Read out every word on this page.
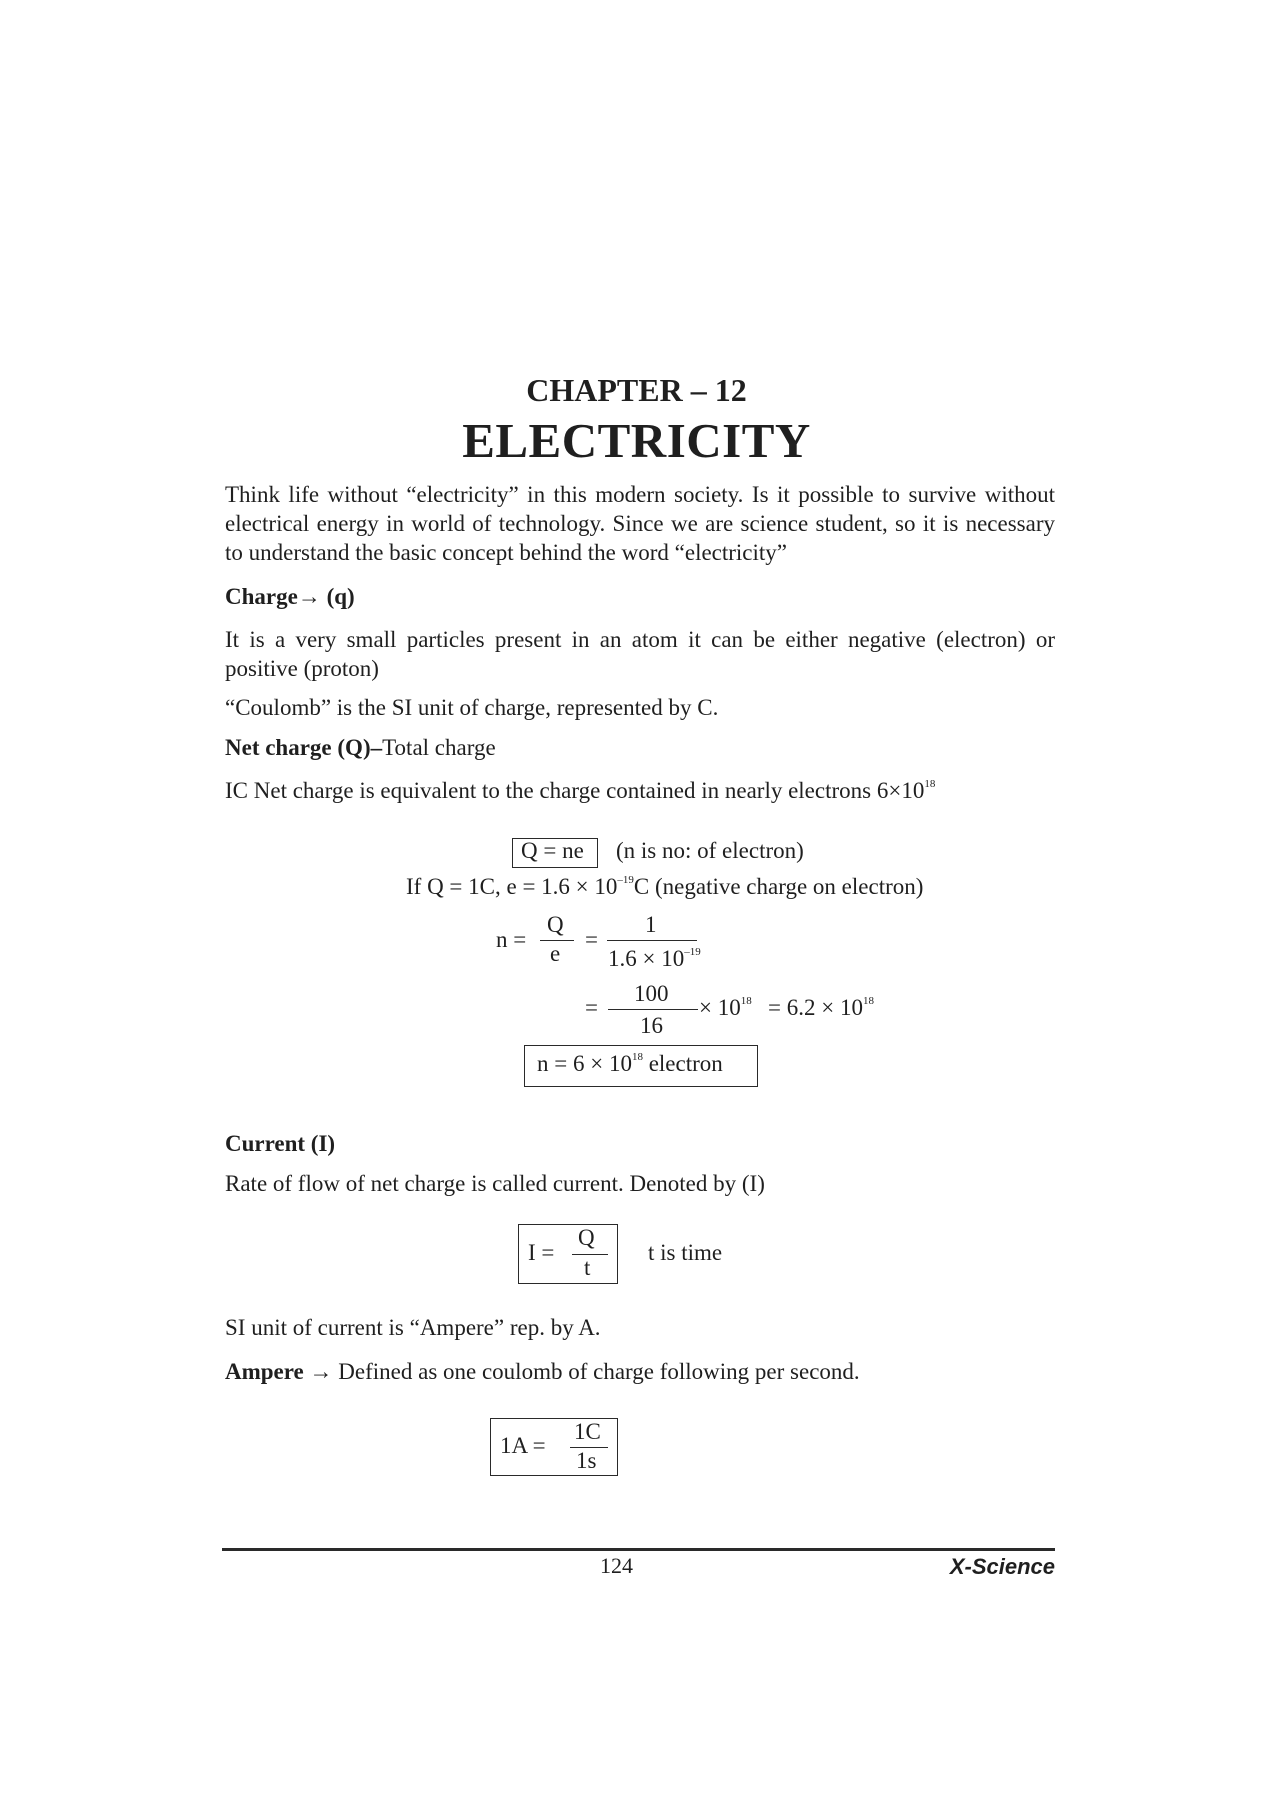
CHAPTER – 12
ELECTRICITY
Think life without “electricity” in this modern society. Is it possible to survive without electrical energy in world of technology. Since we are science student, so it is necessary to understand the basic concept behind the word “electricity”
Charge→ (q)
It is a very small particles present in an atom it can be either negative (electron) or positive (proton)
“Coulomb” is the SI unit of charge, represented by C.
Net charge (Q)–Total charge
IC Net charge is equivalent to the charge contained in nearly electrons $6\times 10^{18}$
Q = ne (n is no: of electron)
If Q = 1C, $e = 1.6 \times 10^{-19}C$ (negative charge on electron)
n =
Q
e
=
1
$1.6 \times 10^{-19}$
=
100
16
× $10^{18} = 6.2 \times 10^{18}$
$n = 6 \times 10^{18}$ electron
Current (I)
Rate of flow of net charge is called current. Denoted by (I)
I =
Q
t
t is time
SI unit of current is “Ampere” rep. by A.
Ampere → Defined as one coulomb of charge following per second.
1A =
1C
1s
124	X-Science
